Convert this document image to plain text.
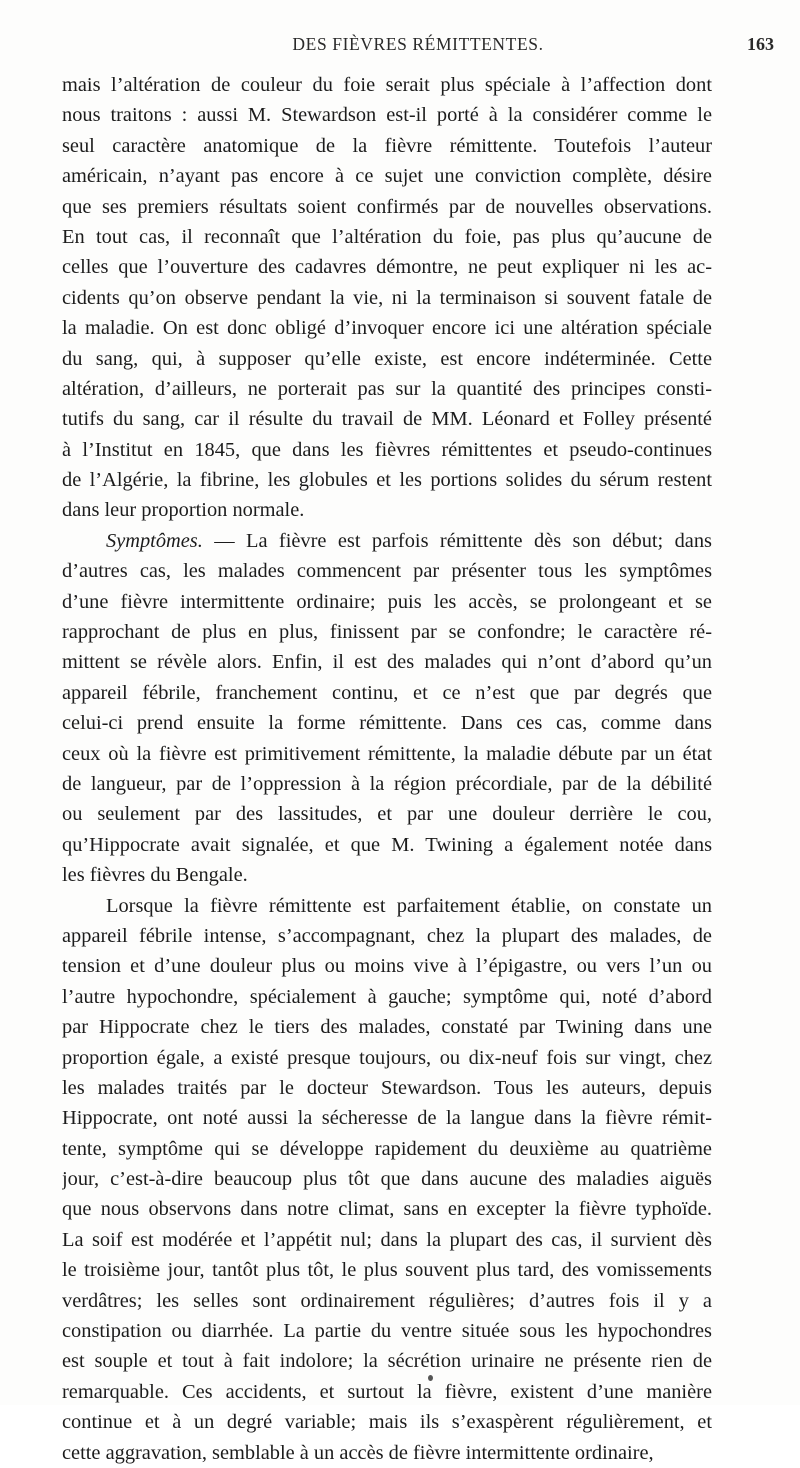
DES FIÈVRES RÉMITTENTES.	163
mais l’altération de couleur du foie serait plus spéciale à l’affection dont
nous traitons : aussi M. Stewardson est-il porté à la considérer comme le
seul caractère anatomique de la fièvre rémittente. Toutefois l’auteur
américain, n’ayant pas encore à ce sujet une conviction complète, désire
que ses premiers résultats soient confirmés par de nouvelles observations.
En tout cas, il reconnaît que l’altération du foie, pas plus qu’aucune de
celles que l’ouverture des cadavres démontre, ne peut expliquer ni les ac-
cidents qu’on observe pendant la vie, ni la terminaison si souvent fatale de
la maladie. On est donc obligé d’invoquer encore ici une altération spéciale
du sang, qui, à supposer qu’elle existe, est encore indéterminée. Cette
altération, d’ailleurs, ne porterait pas sur la quantité des principes consti-
tutifs du sang, car il résulte du travail de MM. Léonard et Folley présenté
à l’Institut en 1845, que dans les fièvres rémittentes et pseudo-continues
de l’Algérie, la fibrine, les globules et les portions solides du sérum restent
dans leur proportion normale.
Symptômes. — La fièvre est parfois rémittente dès son début; dans
d’autres cas, les malades commencent par présenter tous les symptômes
d’une fièvre intermittente ordinaire; puis les accès, se prolongeant et se
rapprochant de plus en plus, finissent par se confondre; le caractère ré-
mittent se révèle alors. Enfin, il est des malades qui n’ont d’abord qu’un
appareil fébrile, franchement continu, et ce n’est que par degrés que
celui-ci prend ensuite la forme rémittente. Dans ces cas, comme dans
ceux où la fièvre est primitivement rémittente, la maladie débute par un état
de langueur, par de l’oppression à la région précordiale, par de la débilité
ou seulement par des lassitudes, et par une douleur derrière le cou,
qu’Hippocrate avait signalée, et que M. Twining a également notée dans
les fièvres du Bengale.
Lorsque la fièvre rémittente est parfaitement établie, on constate un
appareil fébrile intense, s’accompagnant, chez la plupart des malades, de
tension et d’une douleur plus ou moins vive à l’épigastre, ou vers l’un ou
l’autre hypochondre, spécialement à gauche; symptôme qui, noté d’abord
par Hippocrate chez le tiers des malades, constaté par Twining dans une
proportion égale, a existé presque toujours, ou dix-neuf fois sur vingt, chez
les malades traités par le docteur Stewardson. Tous les auteurs, depuis
Hippocrate, ont noté aussi la sécheresse de la langue dans la fièvre rémit-
tente, symptôme qui se développe rapidement du deuxième au quatrième
jour, c’est-à-dire beaucoup plus tôt que dans aucune des maladies aiguës
que nous observons dans notre climat, sans en excepter la fièvre typhoïde.
La soif est modérée et l’appétit nul; dans la plupart des cas, il survient dès
le troisième jour, tantôt plus tôt, le plus souvent plus tard, des vomissements
verdâtres; les selles sont ordinairement régulières; d’autres fois il y a
constipation ou diarrhée. La partie du ventre située sous les hypochondres
est souple et tout à fait indolore; la sécrétion urinaire ne présente rien de
remarquable. Ces accidents, et surtout la fièvre, existent d’une manière
continue et à un degré variable; mais ils s’exaspèrent régulièrement, et
cette aggravation, semblable à un accès de fièvre intermittente ordinaire,
